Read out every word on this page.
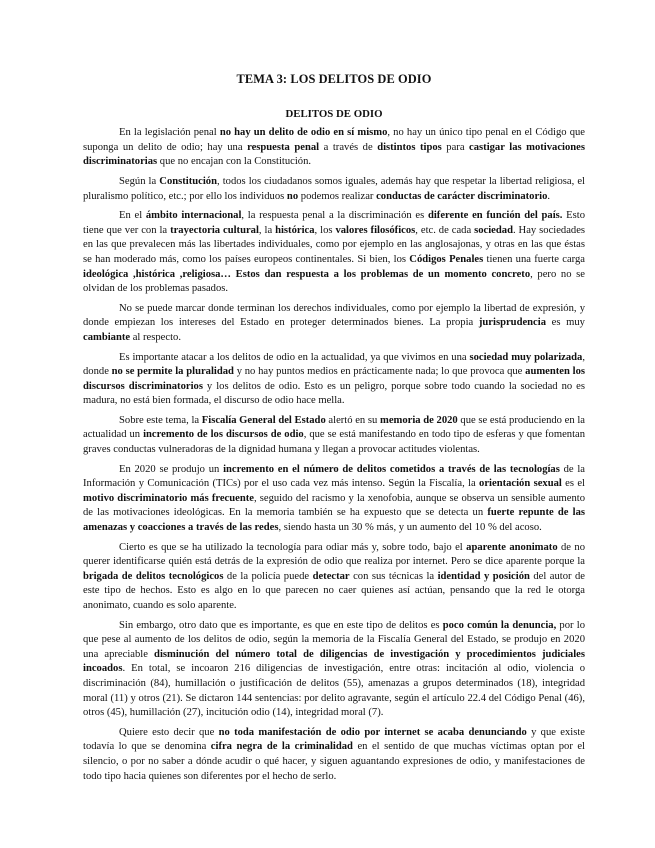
TEMA 3: LOS DELITOS DE ODIO
DELITOS DE ODIO

En la legislación penal no hay un delito de odio en sí mismo, no hay un único tipo penal en el Código que suponga un delito de odio; hay una respuesta penal a través de distintos tipos para castigar las motivaciones discriminatorias que no encajan con la Constitución.

Según la Constitución, todos los ciudadanos somos iguales, además hay que respetar la libertad religiosa, el pluralismo político, etc.; por ello los individuos no podemos realizar conductas de carácter discriminatorio.

En el ámbito internacional, la respuesta penal a la discriminación es diferente en función del país. Esto tiene que ver con la trayectoria cultural, la histórica, los valores filosóficos, etc. de cada sociedad. Hay sociedades en las que prevalecen más las libertades individuales, como por ejemplo en las anglosajonas, y otras en las que éstas se han moderado más, como los países europeos continentales. Si bien, los Códigos Penales tienen una fuerte carga ideológica ,histórica ,religiosa… Estos dan respuesta a los problemas de un momento concreto, pero no se olvidan de los problemas pasados.

No se puede marcar donde terminan los derechos individuales, como por ejemplo la libertad de expresión, y donde empiezan los intereses del Estado en proteger determinados bienes. La propia jurisprudencia es muy cambiante al respecto.

Es importante atacar a los delitos de odio en la actualidad, ya que vivimos en una sociedad muy polarizada, donde no se permite la pluralidad y no hay puntos medios en prácticamente nada; lo que provoca que aumenten los discursos discriminatorios y los delitos de odio. Esto es un peligro, porque sobre todo cuando la sociedad no es madura, no está bien formada, el discurso de odio hace mella.

Sobre este tema, la Fiscalía General del Estado alertó en su memoria de 2020 que se está produciendo en la actualidad un incremento de los discursos de odio, que se está manifestando en todo tipo de esferas y que fomentan graves conductas vulneradoras de la dignidad humana y llegan a provocar actitudes violentas.

En 2020 se produjo un incremento en el número de delitos cometidos a través de las tecnologías de la Información y Comunicación (TICs) por el uso cada vez más intenso. Según la Fiscalía, la orientación sexual es el motivo discriminatorio más frecuente, seguido del racismo y la xenofobia, aunque se observa un sensible aumento de las motivaciones ideológicas. En la memoria también se ha expuesto que se detecta un fuerte repunte de las amenazas y coacciones a través de las redes, siendo hasta un 30 % más, y un aumento del 10 % del acoso.

Cierto es que se ha utilizado la tecnología para odiar más y, sobre todo, bajo el aparente anonimato de no querer identificarse quién está detrás de la expresión de odio que realiza por internet. Pero se dice aparente porque la brigada de delitos tecnológicos de la policía puede detectar con sus técnicas la identidad y posición del autor de este tipo de hechos. Esto es algo en lo que parecen no caer quienes así actúan, pensando que la red le otorga anonimato, cuando es solo aparente.

Sin embargo, otro dato que es importante, es que en este tipo de delitos es poco común la denuncia, por lo que pese al aumento de los delitos de odio, según la memoria de la Fiscalía General del Estado, se produjo en 2020 una apreciable disminución del número total de diligencias de investigación y procedimientos judiciales incoados. En total, se incoaron 216 diligencias de investigación, entre otras: incitación al odio, violencia o discriminación (84), humillación o justificación de delitos (55), amenazas a grupos determinados (18), integridad moral (11) y otros (21). Se dictaron 144 sentencias: por delito agravante, según el artículo 22.4 del Código Penal (46), otros (45), humillación (27), incitución odio (14), integridad moral (7).

Quiere esto decir que no toda manifestación de odio por internet se acaba denunciando y que existe todavía lo que se denomina cifra negra de la criminalidad en el sentido de que muchas víctimas optan por el silencio, o por no saber a dónde acudir o qué hacer, y siguen aguantando expresiones de odio, y manifestaciones de todo tipo hacia quienes son diferentes por el hecho de serlo.
